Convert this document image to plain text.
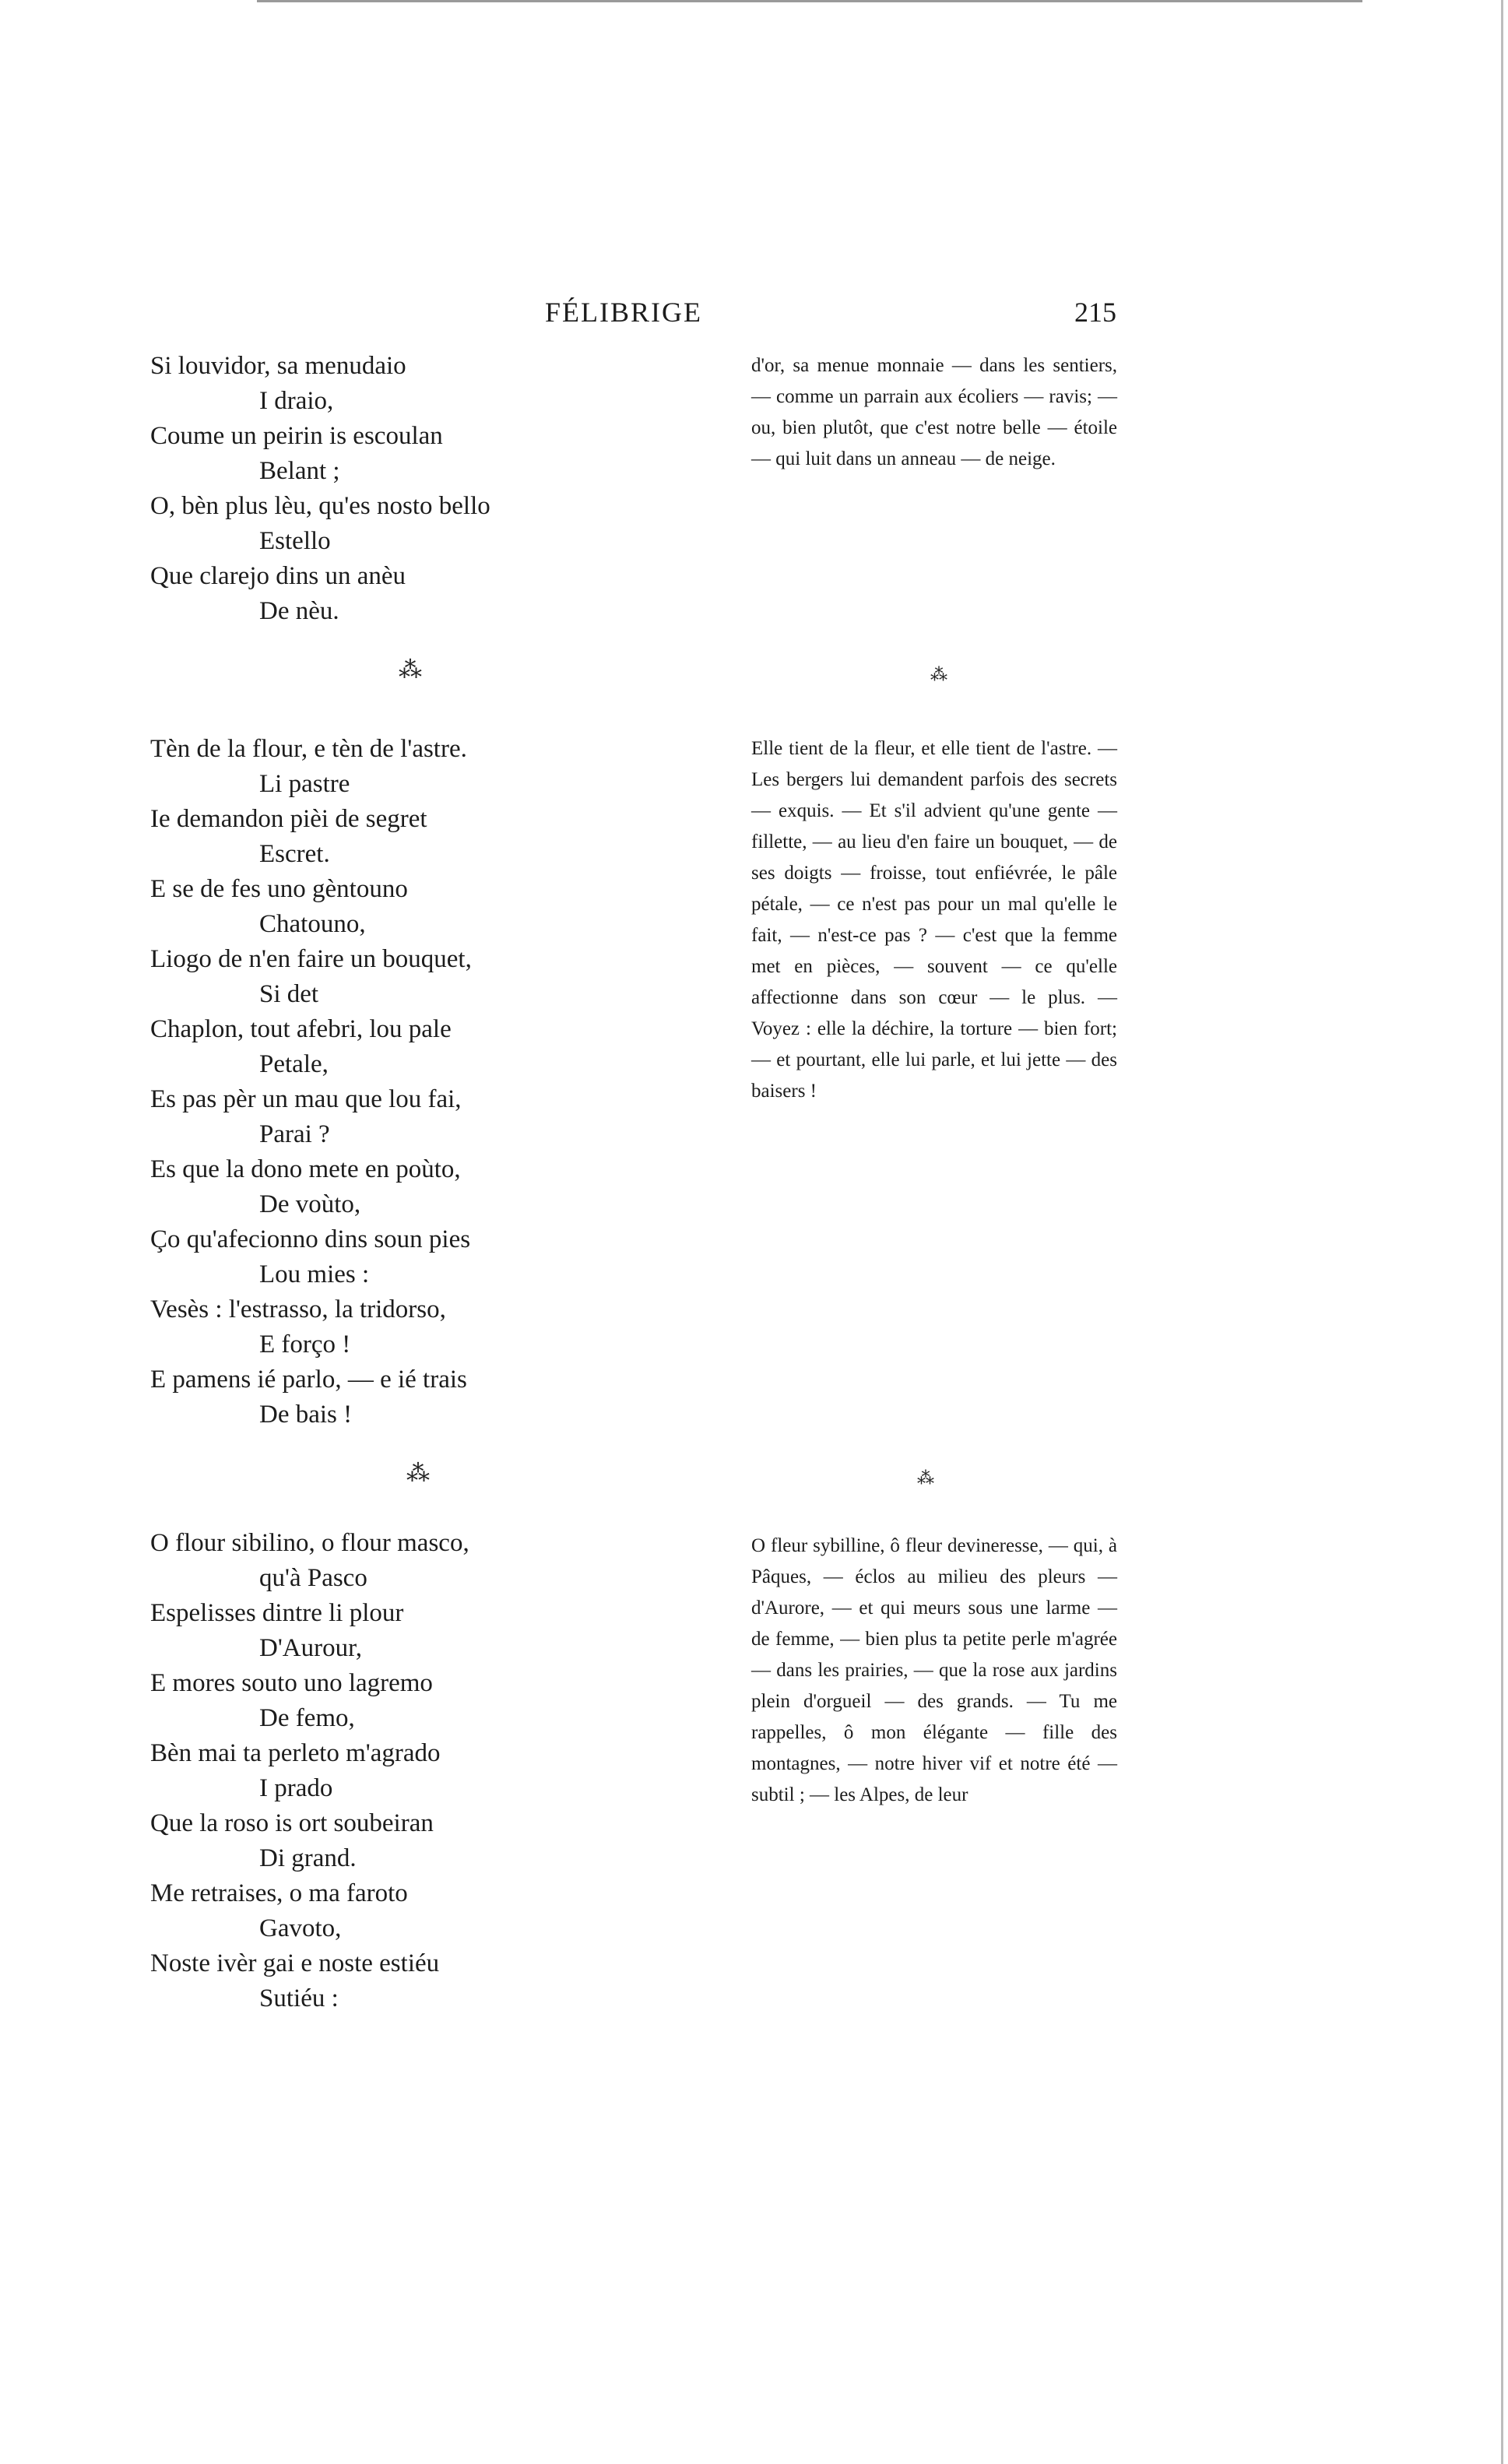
FÉLIBRIGE	215
Si louvidor, sa menudaio
I draio,
Coume un peirin is escoulan
Belant ;
O, bèn plus lèu, qu'es nosto bello
Estello
Que clarejo dins un anèu
De nèu.
d'or, sa menue monnaie — dans les sentiers, — comme un parrain aux écoliers — ravis; — ou, bien plutôt, que c'est notre belle — étoile — qui luit dans un anneau — de neige.
⁂	⁂
Tèn de la flour, e tèn de l'astre.
Li pastre
Ie demandon pièi de segret
Escret.
E se de fes uno gèntouno
Chatouno,
Liogo de n'en faire un bouquet,
Si det
Chaplon, tout afebri, lou pale
Petale,
Es pas pèr un mau que lou fai,
Parai ?
Es que la dono mete en poùto,
De voùto,
Ço qu'afecionno dins soun pies
Lou mies :
Vesès : l'estrasso, la tridorso,
E forço !
E pamens ié parlo, — e ié trais
De bais !
Elle tient de la fleur, et elle tient de l'astre. — Les bergers lui demandent parfois des secrets — exquis. — Et s'il advient qu'une gente — fillette, — au lieu d'en faire un bouquet, — de ses doigts — froisse, tout enfiévrée, le pâle pétale, — ce n'est pas pour un mal qu'elle le fait, — n'est-ce pas ? — c'est que la femme met en pièces, — souvent — ce qu'elle affectionne dans son cœur — le plus. — Voyez : elle la déchire, la torture — bien fort; — et pourtant, elle lui parle, et lui jette — des baisers !
⁂	⁂
O flour sibilino, o flour masco,
qu'à Pasco
Espelisses dintre li plour
D'Aurour,
E mores souto uno lagremo
De femo,
Bèn mai ta perleto m'agrado
I prado
Que la roso is ort soubeiran
Di grand.
Me retraises, o ma faroto
Gavoto,
Noste ivèr gai e noste estiéu
Sutiéu :
O fleur sybilline, ô fleur devineresse, — qui, à Pâques, — éclos au milieu des pleurs — d'Aurore, — et qui meurs sous une larme — de femme, — bien plus ta petite perle m'agrée — dans les prairies, — que la rose aux jardins plein d'orgueil — des grands. — Tu me rappelles, ô mon élégante — fille des montagnes, — notre hiver vif et notre été — subtil ; — les Alpes, de leur
